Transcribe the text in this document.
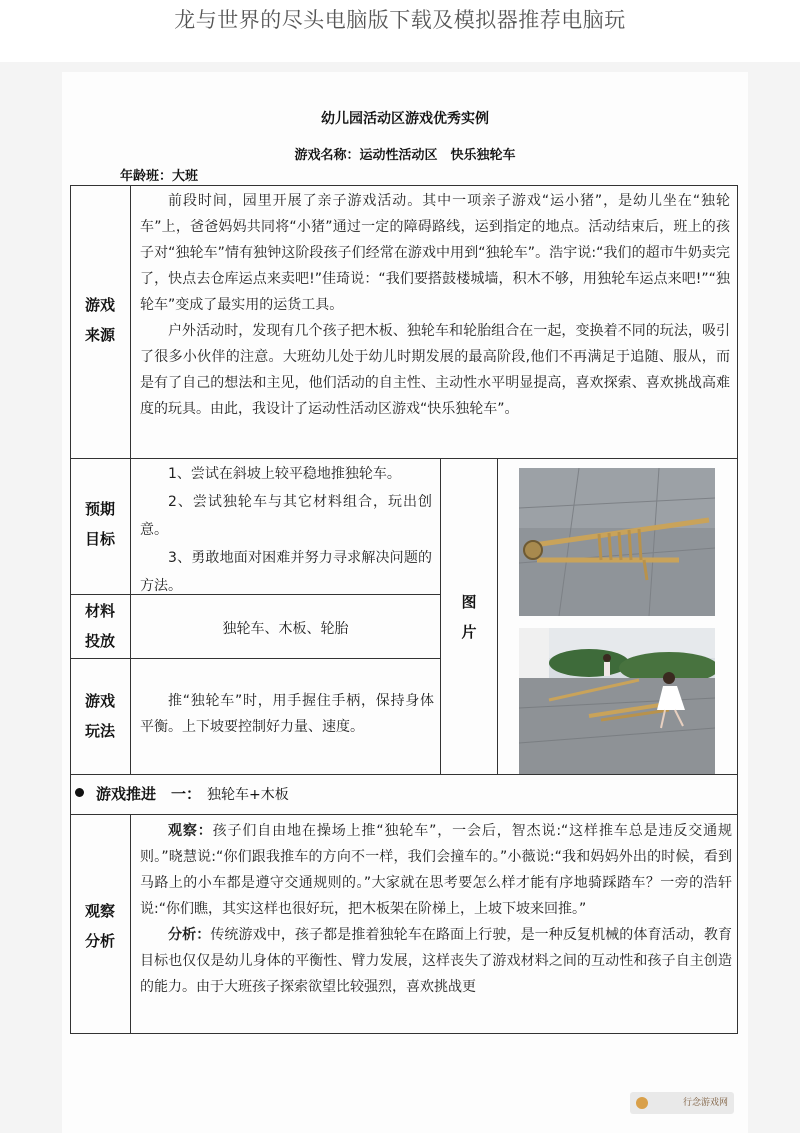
龙与世界的尽头电脑版下载及模拟器推荐电脑玩
幼儿园活动区游戏优秀实例
游戏名称：运动性活动区　快乐独轮车
年龄班：大班
游戏
来源
前段时间，园里开展了亲子游戏活动。其中一项亲子游戏“运小猪”，是幼儿坐在“独轮车”上，爸爸妈妈共同将“小猪”通过一定的障碍路线，运到指定的地点。活动结束后，班上的孩子对“独轮车”情有独钟这阶段孩子们经常在游戏中用到“独轮车”。浩宇说:“我们的超市牛奶卖完了，快点去仓库运点来卖吧!”佳琦说：“我们要搭鼓楼城墙，积木不够，用独轮车运点来吧!”“独轮车”变成了最实用的运货工具。
户外活动时，发现有几个孩子把木板、独轮车和轮胎组合在一起，变换着不同的玩法，吸引了很多小伙伴的注意。大班幼儿处于幼儿时期发展的最高阶段,他们不再满足于追随、服从，而是有了自己的想法和主见，他们活动的自主性、主动性水平明显提高，喜欢探索、喜欢挑战高难度的玩具。由此，我设计了运动性活动区游戏“快乐独轮车”。
预期
目标
1、尝试在斜坡上较平稳地推独轮车。
2、尝试独轮车与其它材料组合，玩出创意。
3、勇敢地面对困难并努力寻求解决问题的方法。
材料
投放
独轮车、木板、轮胎
游戏
玩法
推“独轮车”时，用手握住手柄，保持身体平衡。上下坡要控制好力量、速度。
图
片
游戏推进　一： 独轮车+木板
观察
分析
观察：孩子们自由地在操场上推“独轮车”，一会后，智杰说:“这样推车总是违反交通规则。”晓慧说:“你们跟我推车的方向不一样，我们会撞车的。”小薇说:“我和妈妈外出的时候，看到马路上的小车都是遵守交通规则的。”大家就在思考要怎么样才能有序地骑踩踏车？一旁的浩轩说:“你们瞧，其实这样也很好玩，把木板架在阶梯上，上坡下坡来回推。”
分析：传统游戏中，孩子都是推着独轮车在路面上行驶，是一种反复机械的体育活动，教育目标也仅仅是幼儿身体的平衡性、臂力发展，这样丧失了游戏材料之间的互动性和孩子自主创造的能力。由于大班孩子探索欲望比较强烈，喜欢挑战更
行念游戏网
